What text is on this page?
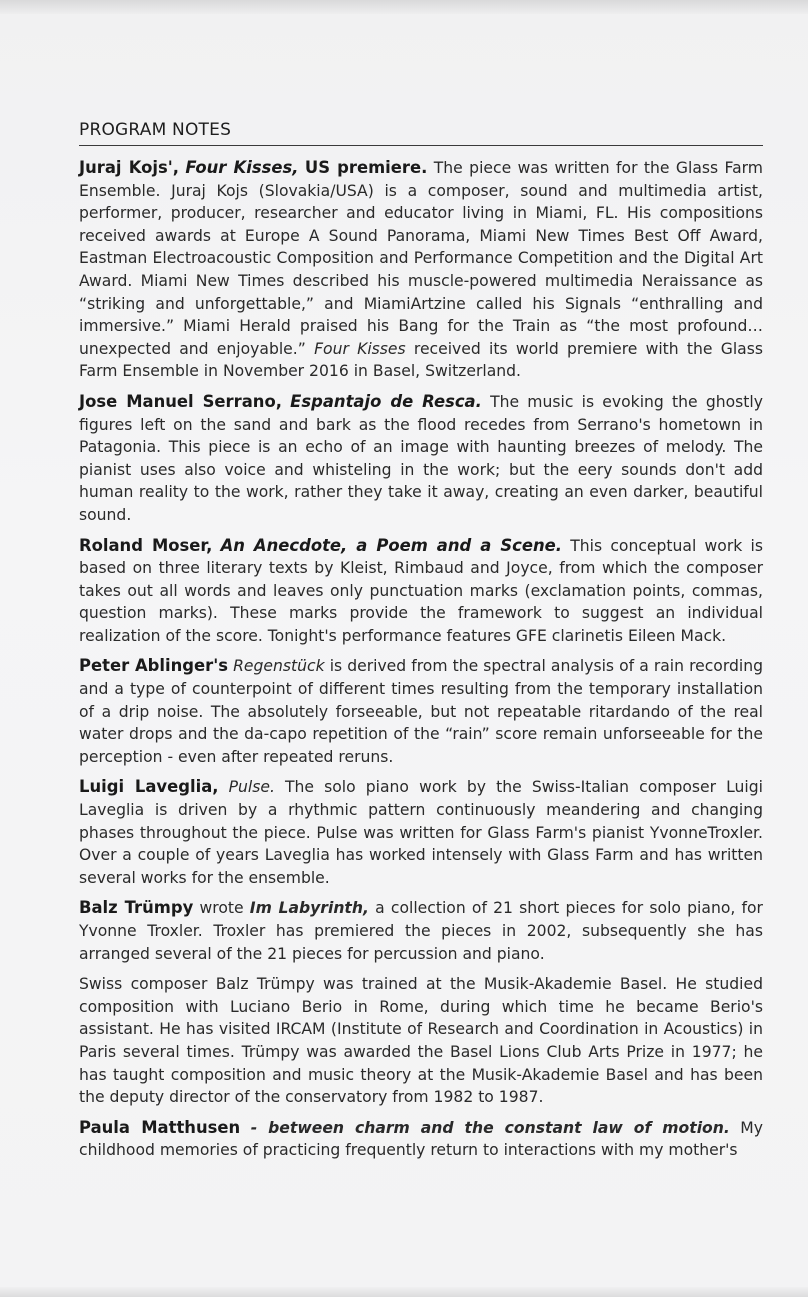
PROGRAM NOTES

Juraj Kojs', Four Kisses, US premiere. The piece was written for the Glass Farm Ensemble. Juraj Kojs (Slovakia/USA) is a composer, sound and multimedia artist, performer, producer, researcher and educator living in Miami, FL. His compositions received awards at Europe A Sound Panorama, Miami New Times Best Off Award, Eastman Electroacoustic Composition and Performance Competition and the Digital Art Award. Miami New Times described his muscle-powered multimedia Neraissance as “striking and unforgettable,” and MiamiArtzine called his Signals “enthralling and immersive.” Miami Herald praised his Bang for the Train as “the most profound… unexpected and enjoyable.” Four Kisses received its world premiere with the Glass Farm Ensemble in November 2016 in Basel, Switzerland.

Jose Manuel Serrano, Espantajo de Resca. The music is evoking the ghostly figures left on the sand and bark as the flood recedes from Serrano's hometown in Patagonia. This piece is an echo of an image with haunting breezes of melody. The pianist uses also voice and whisteling in the work; but the eery sounds don't add human reality to the work, rather they take it away, creating an even darker, beautiful sound.

Roland Moser, An Anecdote, a Poem and a Scene. This conceptual work is based on three literary texts by Kleist, Rimbaud and Joyce, from which the composer takes out all words and leaves only punctuation marks (exclamation points, commas, question marks). These marks provide the framework to suggest an individual realization of the score. Tonight's performance features GFE clarinetis Eileen Mack.

Peter Ablinger's Regenstück is derived from the spectral analysis of a rain recording and a type of counterpoint of different times resulting from the temporary installation of a drip noise. The absolutely forseeable, but not repeatable ritardando of the real water drops and the da-capo repetition of the “rain” score remain unforseeable for the perception - even after repeated reruns.

Luigi Laveglia, Pulse. The solo piano work by the Swiss-Italian composer Luigi Laveglia is driven by a rhythmic pattern continuously meandering and changing phases throughout the piece. Pulse was written for Glass Farm's pianist YvonneTroxler. Over a couple of years Laveglia has worked intensely with Glass Farm and has written several works for the ensemble.

Balz Trümpy wrote Im Labyrinth, a collection of 21 short pieces for solo piano, for Yvonne Troxler. Troxler has premiered the pieces in 2002, subsequently she has arranged several of the 21 pieces for percussion and piano.

Swiss composer Balz Trümpy was trained at the Musik-Akademie Basel. He studied composition with Luciano Berio in Rome, during which time he became Berio's assistant. He has visited IRCAM (Institute of Research and Coordination in Acoustics) in Paris several times. Trümpy was awarded the Basel Lions Club Arts Prize in 1977; he has taught composition and music theory at the Musik-Akademie Basel and has been the deputy director of the conservatory from 1982 to 1987.

Paula Matthusen - between charm and the constant law of motion. My childhood memories of practicing frequently return to interactions with my mother's
